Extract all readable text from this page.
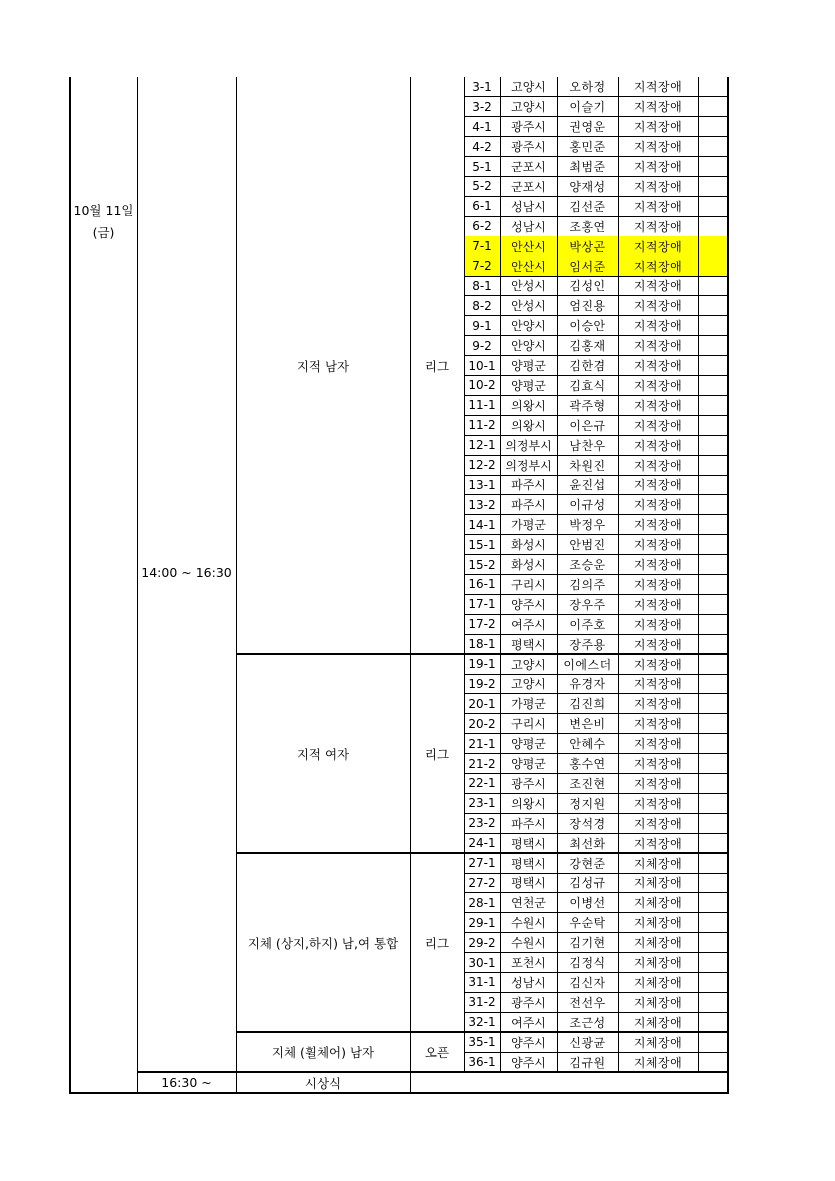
3-1	고양시	오하정	지적장애
3-2	고양시	이슬기	지적장애
4-1	광주시	권영운	지적장애
4-2	광주시	홍민준	지적장애
5-1	군포시	최범준	지적장애
5-2	군포시	양재성	지적장애
6-1	성남시	김선준	지적장애
6-2	성남시	조홍연	지적장애
7-1	안산시	박상곤	지적장애
7-2	안산시	임서준	지적장애
8-1	안성시	김성인	지적장애
8-2	안성시	엄진용	지적장애
9-1	안양시	이승안	지적장애
9-2	안양시	김홍재	지적장애
10-1	양평군	김한겸	지적장애
10-2	양평군	김효식	지적장애
11-1	의왕시	곽주형	지적장애
11-2	의왕시	이은규	지적장애
12-1 의정부시	남찬우	지적장애
12-2 의정부시	차원진	지적장애
13-1	파주시	윤진섭	지적장애
13-2	파주시	이규성	지적장애
14-1	가평군	박정우	지적장애
15-1	화성시	안범진	지적장애
15-2	화성시	조승운	지적장애
16-1	구리시	김의주	지적장애
17-1	양주시	장우주	지적장애
17-2	여주시	이주호	지적장애
18-1	평택시	장주용	지적장애
지적 남자	리그
19-1	고양시	이에스더	지적장애
19-2	고양시	유경자	지적장애
20-1	가평군	김진희	지적장애
20-2	구리시	변은비	지적장애
21-1	양평군	안혜수	지적장애
21-2	양평군	홍수연	지적장애
22-1	광주시	조진현	지적장애
23-1	의왕시	정지원	지적장애
23-2	파주시	장석경	지적장애
24-1	평택시	최선화	지적장애
지적 여자	리그
27-1	평택시	강현준	지체장애
27-2	평택시	김성규	지체장애
28-1	연천군	이병선	지체장애
29-1	수원시	우순탁	지체장애
29-2	수원시	김기현	지체장애
30-1	포천시	김정식	지체장애
31-1	성남시	김신자	지체장애
31-2	광주시	전선우	지체장애
32-1	여주시	조근성	지체장애
지체 (상지,하지) 남,여 통합	리그
35-1	양주시	신광균	지체장애
36-1	양주시	김규원	지체장애
지체 (휠체어) 남자	오픈
10월 11일
(금)
14:00 ~ 16:30
16:30 ~	시상식
